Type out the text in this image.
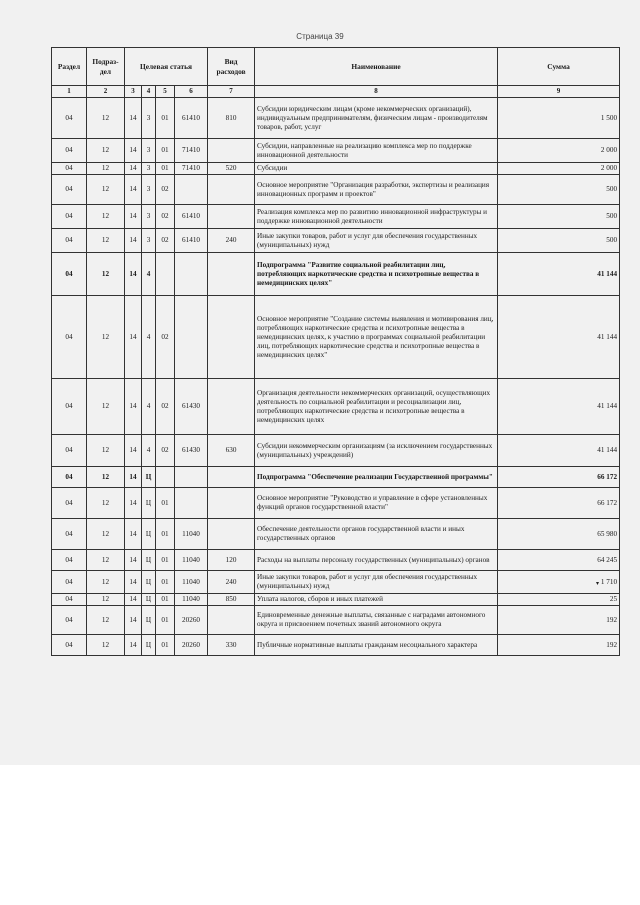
Страница 39
Раздел	Подраз-дел	Целевая статья				Вид расходов	Наименование	Сумма
1	2	3	4	5	6	7	8	9
04	12	14	3	01	61410	810	Субсидии юридическим лицам (кроме некоммерческих организаций), индивидуальным предпринимателям, физическим лицам - производителям товаров, работ, услуг	1 500
04	12	14	3	01	71410		Субсидии, направленные на реализацию комплекса мер по поддержке инновационной деятельности	2 000
04	12	14	3	01	71410	520	Субсидии	2 000
04	12	14	3	02			Основное мероприятие "Организация разработки, экспертизы и реализация инновационных программ и проектов"	500
04	12	14	3	02	61410		Реализация комплекса мер по развитию инновационной инфраструктуры и поддержке инновационной деятельности	500
04	12	14	3	02	61410	240	Иные закупки товаров, работ и услуг для обеспечения государственных (муниципальных) нужд	500
04	12	14	4				Подпрограмма "Развитие социальной реабилитации лиц, потребляющих наркотические средства и психотропные вещества в немедицинских целях"	41 144
04	12	14	4	02			Основное мероприятие "Создание системы выявления и мотивирования лиц, потребляющих наркотические средства и психотропные вещества в немедицинских целях, к участию в программах социальной реабилитации лиц, потребляющих наркотические средства и психотропные вещества в немедицинских целях"	41 144
04	12	14	4	02	61430		Организация деятельности некоммерческих организаций, осуществляющих деятельность по социальной реабилитации и ресоциализации лиц, потребляющих наркотические средства и психотропные вещества в немедицинских целях	41 144
04	12	14	4	02	61430	630	Субсидии некоммерческим организациям (за исключением государственных (муниципальных) учреждений)	41 144
04	12	14	Ц				Подпрограмма "Обеспечение реализации Государственной программы"	66 172
04	12	14	Ц	01			Основное мероприятие "Руководство и управление в сфере установленных функций органов государственной власти"	66 172
04	12	14	Ц	01	11040		Обеспечение деятельности органов государственной власти и иных государственных органов	65 980
04	12	14	Ц	01	11040	120	Расходы на выплаты персоналу государственных (муниципальных) органов	64 245
04	12	14	Ц	01	11040	240	Иные закупки товаров, работ и услуг для обеспечения государственных (муниципальных) нужд	1 710
04	12	14	Ц	01	11040	850	Уплата налогов, сборов и иных платежей	25
04	12	14	Ц	01	20260		Единовременные денежные выплаты, связанные с наградами автономного округа и присвоением почетных званий автономного округа	192
04	12	14	Ц	01	20260	330	Публичные нормативные выплаты гражданам несоциального характера	192
▾
